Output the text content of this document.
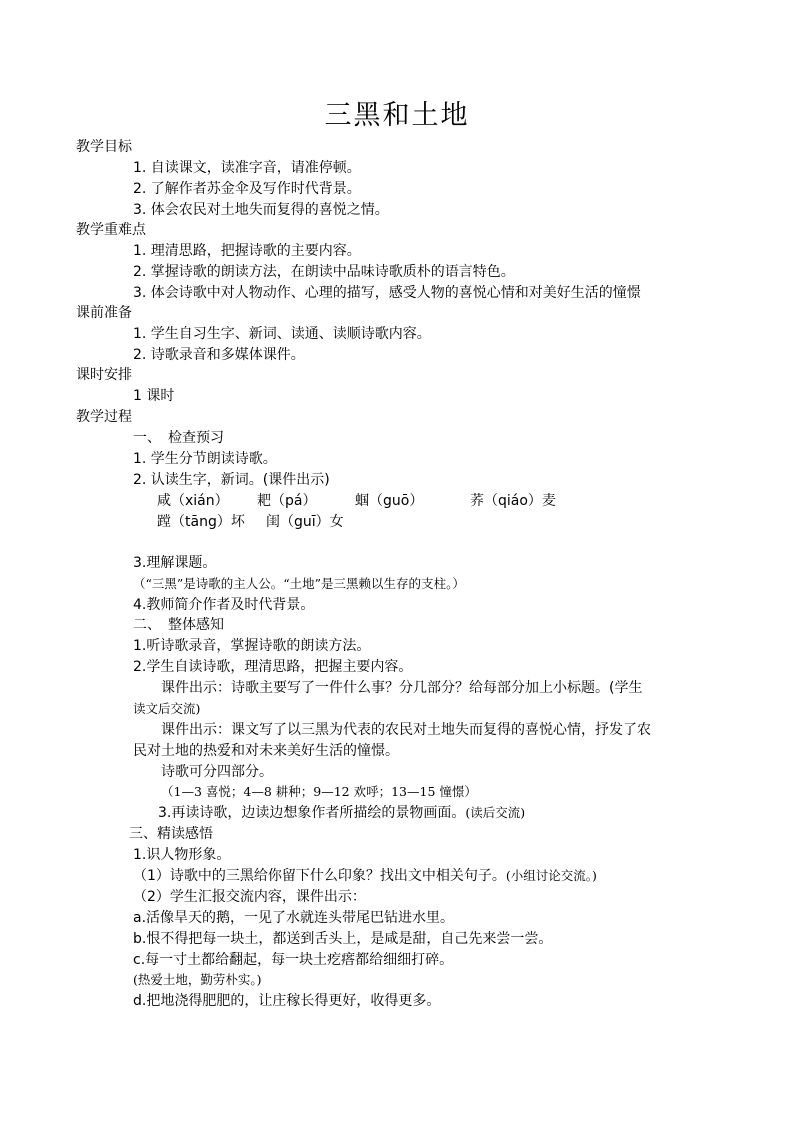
三黑和土地
教学目标
1. 自读课文，读准字音，请准停顿。
2. 了解作者苏金伞及写作时代背景。
3. 体会农民对土地失而复得的喜悦之情。
教学重难点
1. 理清思路，把握诗歌的主要内容。
2. 掌握诗歌的朗读方法，在朗读中品味诗歌质朴的语言特色。
3. 体会诗歌中对人物动作、心理的描写，感受人物的喜悦心情和对美好生活的憧憬
课前准备
1. 学生自习生字、新词、读通、读顺诗歌内容。
2. 诗歌录音和多媒体课件。
课时安排
1 课时
教学过程
一、　检查预习
1. 学生分节朗读诗歌。
2. 认读生字，新词。(课件出示)
咸（xián） 耙（pá）	蝈（guō）	荞（qiáo）麦
蹚（tāng）坏 闺（guī）女
3.理解课题。
（“三黑”是诗歌的主人公。“土地”是三黑赖以生存的支柱。）
4.教师简介作者及时代背景。
二、　整体感知
1.听诗歌录音，掌握诗歌的朗读方法。
2.学生自读诗歌，理清思路，把握主要内容。
课件出示：诗歌主要写了一件什么事？分几部分？给每部分加上小标题。(学生
读文后交流)
课件出示：课文写了以三黑为代表的农民对土地失而复得的喜悦心情，抒发了农
民对土地的热爱和对未来美好生活的憧憬。
诗歌可分四部分。
（1—3 喜悦；4—8 耕种；9—12 欢呼；13—15 憧憬）
3.再读诗歌，边读边想象作者所描绘的景物画面。(读后交流)
三、精读感悟
1.识人物形象。
（1）诗歌中的三黑给你留下什么印象？找出文中相关句子。(小组讨论交流。)
（2）学生汇报交流内容，课件出示：
a.活像旱天的鹅，一见了水就连头带尾巴钻进水里。
b.恨不得把每一块土，都送到舌头上，是咸是甜，自己先来尝一尝。
c.每一寸土都给翻起，每一块土疙瘩都给细细打碎。
(热爱土地，勤劳朴实。)
d.把地浇得肥肥的，让庄稼长得更好，收得更多。
